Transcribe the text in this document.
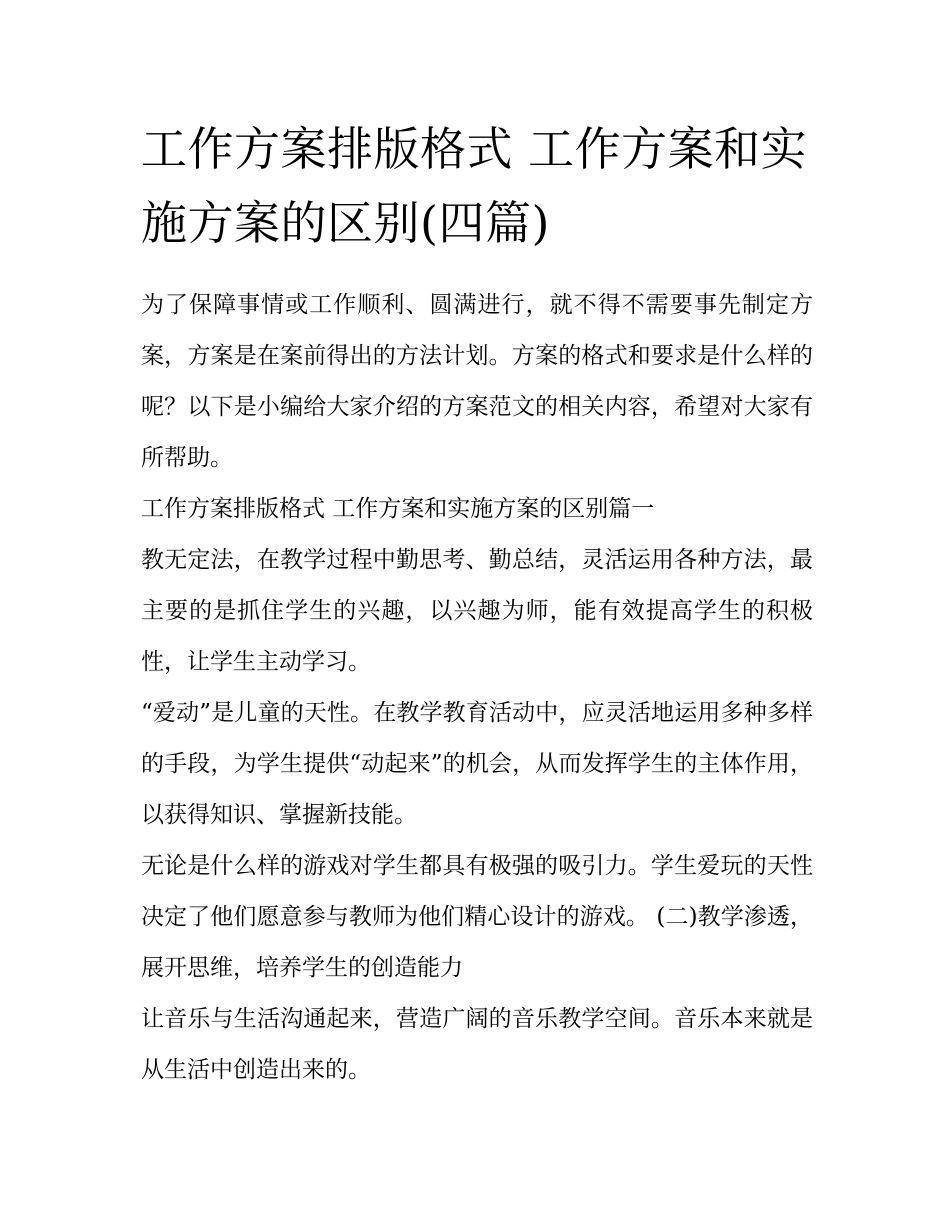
工作方案排版格式 工作方案和实施方案的区别(四篇)

为了保障事情或工作顺利、圆满进行，就不得不需要事先制定方案，方案是在案前得出的方法计划。方案的格式和要求是什么样的呢？以下是小编给大家介绍的方案范文的相关内容，希望对大家有所帮助。

工作方案排版格式 工作方案和实施方案的区别篇一

教无定法，在教学过程中勤思考、勤总结，灵活运用各种方法，最主要的是抓住学生的兴趣，以兴趣为师，能有效提高学生的积极性，让学生主动学习。

“爱动”是儿童的天性。在教学教育活动中，应灵活地运用多种多样的手段，为学生提供“动起来”的机会，从而发挥学生的主体作用，以获得知识、掌握新技能。

无论是什么样的游戏对学生都具有极强的吸引力。学生爱玩的天性决定了他们愿意参与教师为他们精心设计的游戏。 (二)教学渗透，展开思维，培养学生的创造能力

让音乐与生活沟通起来，营造广阔的音乐教学空间。音乐本来就是从生活中创造出来的。
